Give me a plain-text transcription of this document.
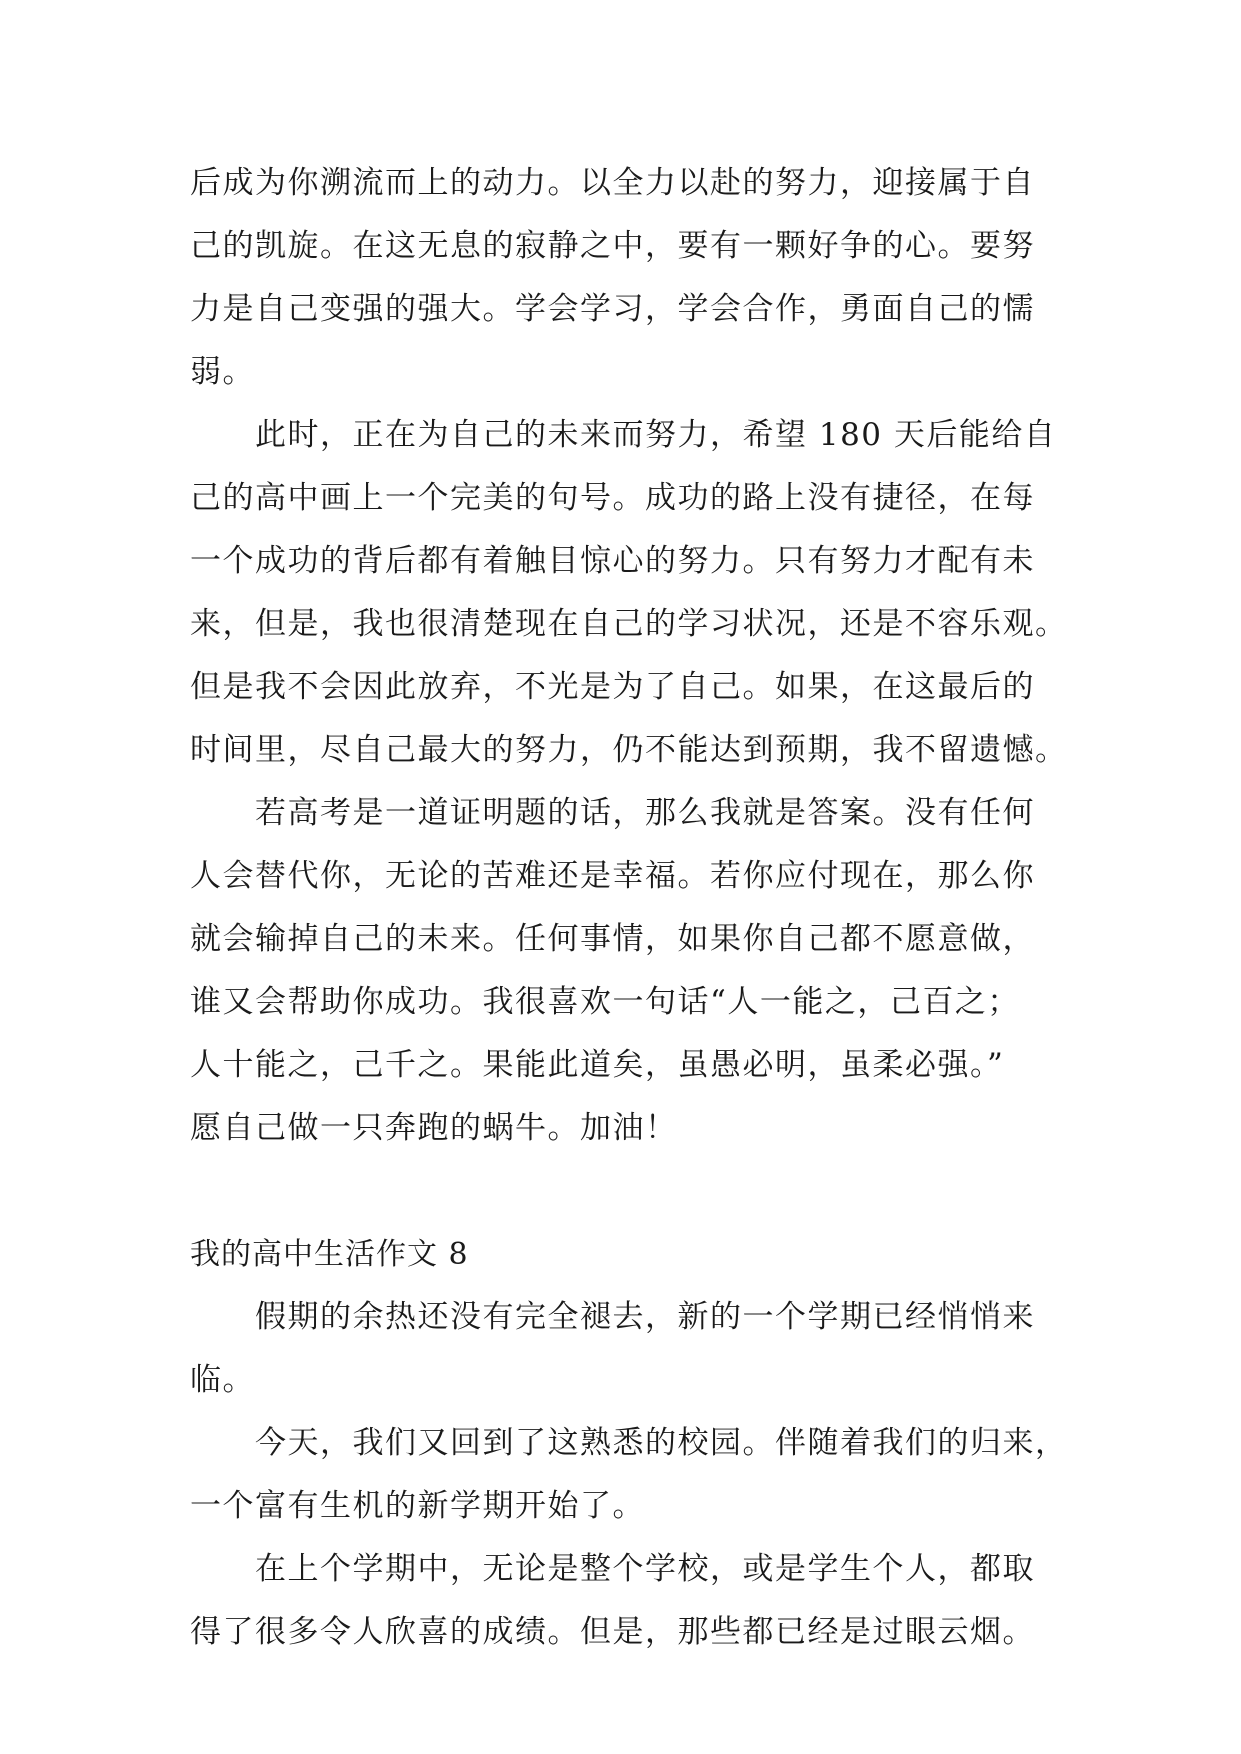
后成为你溯流而上的动力。以全力以赴的努力，迎接属于自
己的凯旋。在这无息的寂静之中，要有一颗好争的心。要努
力是自己变强的强大。学会学习，学会合作，勇面自己的懦
弱。
此时，正在为自己的未来而努力，希望 180 天后能给自
己的高中画上一个完美的句号。成功的路上没有捷径，在每
一个成功的背后都有着触目惊心的努力。只有努力才配有未
来，但是，我也很清楚现在自己的学习状况，还是不容乐观。
但是我不会因此放弃，不光是为了自己。如果，在这最后的
时间里，尽自己最大的努力，仍不能达到预期，我不留遗憾。
若高考是一道证明题的话，那么我就是答案。没有任何
人会替代你，无论的苦难还是幸福。若你应付现在，那么你
就会输掉自己的未来。任何事情，如果你自己都不愿意做，
谁又会帮助你成功。我很喜欢一句话“人一能之，己百之；
人十能之，己千之。果能此道矣，虽愚必明，虽柔必强。”
愿自己做一只奔跑的蜗牛。加油！
我的高中生活作文 8
假期的余热还没有完全褪去，新的一个学期已经悄悄来
临。
今天，我们又回到了这熟悉的校园。伴随着我们的归来，
一个富有生机的新学期开始了。
在上个学期中，无论是整个学校，或是学生个人，都取
得了很多令人欣喜的成绩。但是，那些都已经是过眼云烟。
